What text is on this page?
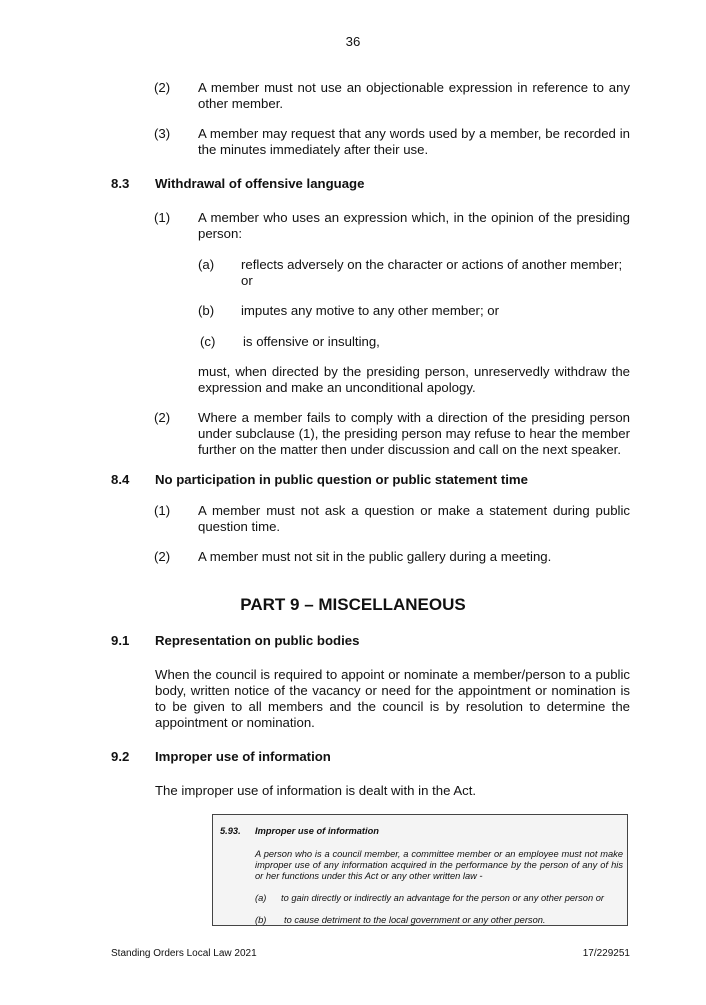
36
(2) A member must not use an objectionable expression in reference to any other member.
(3) A member may request that any words used by a member, be recorded in the minutes immediately after their use.
8.3 Withdrawal of offensive language
(1) A member who uses an expression which, in the opinion of the presiding person:
(a) reflects adversely on the character or actions of another member; or
(b) imputes any motive to any other member; or
(c) is offensive or insulting,
must, when directed by the presiding person, unreservedly withdraw the expression and make an unconditional apology.
(2) Where a member fails to comply with a direction of the presiding person under subclause (1), the presiding person may refuse to hear the member further on the matter then under discussion and call on the next speaker.
8.4 No participation in public question or public statement time
(1) A member must not ask a question or make a statement during public question time.
(2) A member must not sit in the public gallery during a meeting.
PART 9 – MISCELLANEOUS
9.1 Representation on public bodies
When the council is required to appoint or nominate a member/person to a public body, written notice of the vacancy or need for the appointment or nomination is to be given to all members and the council is by resolution to determine the appointment or nomination.
9.2 Improper use of information
The improper use of information is dealt with in the Act.
5.93. Improper use of information
A person who is a council member, a committee member or an employee must not make improper use of any information acquired in the performance by the person of any of his or her functions under this Act or any other written law -
(a) to gain directly or indirectly an advantage for the person or any other person or
(b) to cause detriment to the local government or any other person.
Standing Orders Local Law 2021	17/229251
